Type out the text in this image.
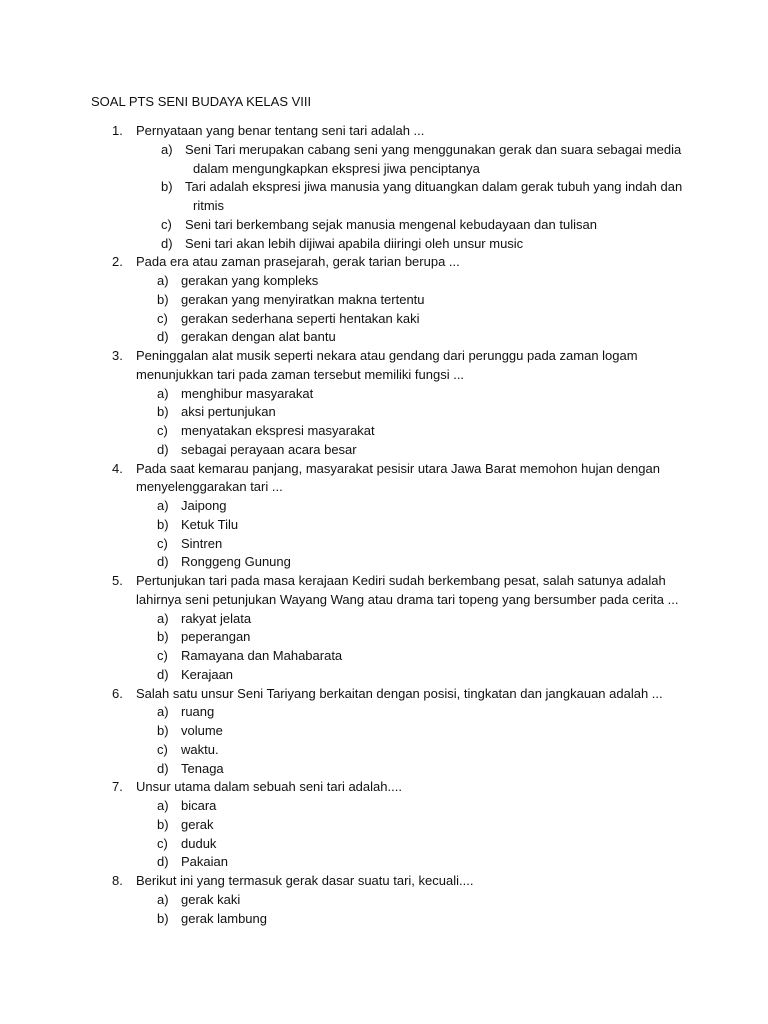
SOAL PTS SENI BUDAYA KELAS VIII
1. Pernyataan yang benar tentang seni tari adalah ...
a) Seni Tari merupakan cabang seni yang menggunakan gerak dan suara sebagai media
dalam mengungkapkan ekspresi jiwa penciptanya
b) Tari adalah ekspresi jiwa manusia yang dituangkan dalam gerak tubuh yang indah dan
ritmis
c) Seni tari berkembang sejak manusia mengenal kebudayaan dan tulisan
d) Seni tari akan lebih dijiwai apabila diiringi oleh unsur music
2. Pada era atau zaman prasejarah, gerak tarian berupa ...
a) gerakan yang kompleks
b) gerakan yang menyiratkan makna tertentu
c) gerakan sederhana seperti hentakan kaki
d) gerakan dengan alat bantu
3. Peninggalan alat musik seperti nekara atau gendang dari perunggu pada zaman logam
menunjukkan tari pada zaman tersebut memiliki fungsi ...
a) menghibur masyarakat
b) aksi pertunjukan
c) menyatakan ekspresi masyarakat
d) sebagai perayaan acara besar
4. Pada saat kemarau panjang, masyarakat pesisir utara Jawa Barat memohon hujan dengan
menyelenggarakan tari ...
a) Jaipong
b) Ketuk Tilu
c) Sintren
d) Ronggeng Gunung
5. Pertunjukan tari pada masa kerajaan Kediri sudah berkembang pesat, salah satunya adalah
lahirnya seni petunjukan Wayang Wang atau drama tari topeng yang bersumber pada cerita ...
a) rakyat jelata
b) peperangan
c) Ramayana dan Mahabarata
d) Kerajaan
6. Salah satu unsur Seni Tariyang berkaitan dengan posisi, tingkatan dan jangkauan adalah ...
a) ruang
b) volume
c) waktu.
d) Tenaga
7. Unsur utama dalam sebuah seni tari adalah....
a) bicara
b) gerak
c) duduk
d) Pakaian
8. Berikut ini yang termasuk gerak dasar suatu tari, kecuali....
a) gerak kaki
b) gerak lambung
